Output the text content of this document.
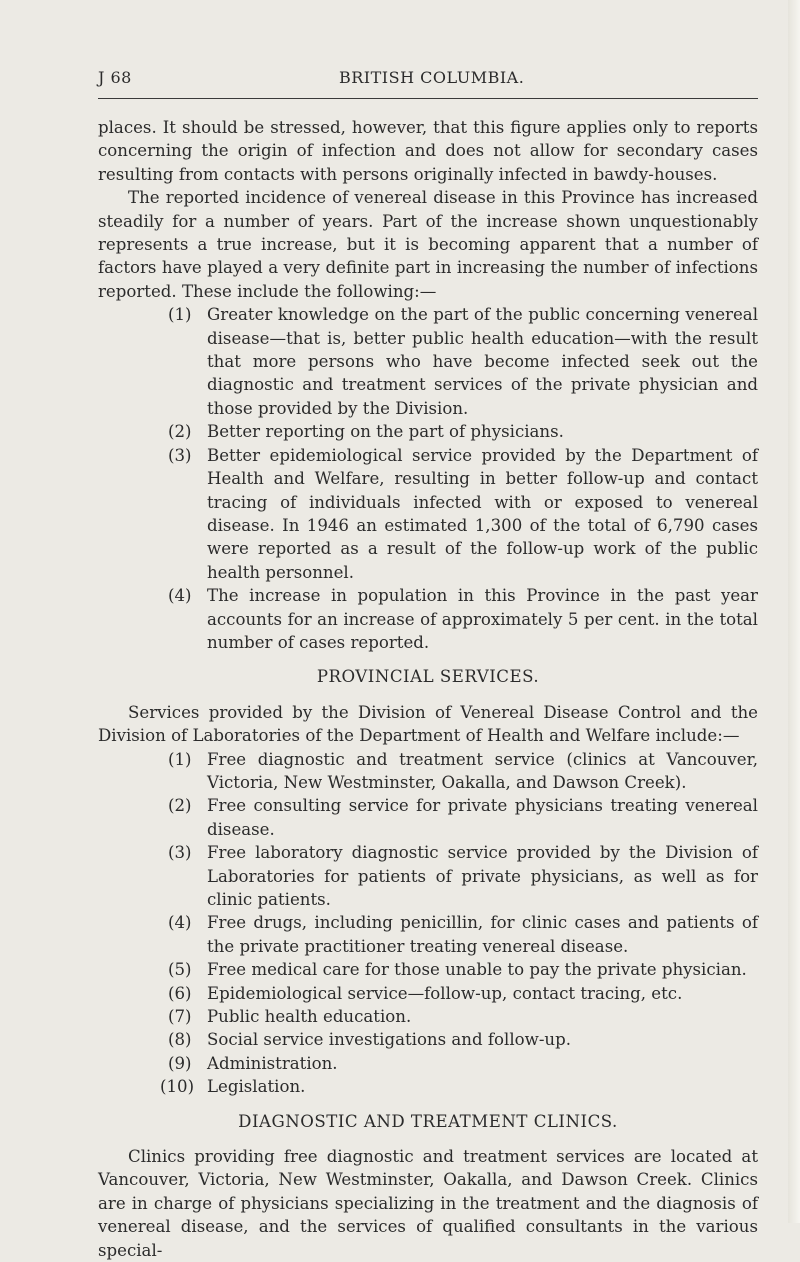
J 68	BRITISH COLUMBIA.

places. It should be stressed, however, that this figure applies only to reports concerning the origin of infection and does not allow for secondary cases resulting from contacts with persons originally infected in bawdy-houses.

The reported incidence of venereal disease in this Province has increased steadily for a number of years. Part of the increase shown unquestionably represents a true increase, but it is becoming apparent that a number of factors have played a very definite part in increasing the number of infections reported. These include the following:—

(1) Greater knowledge on the part of the public concerning venereal disease—that is, better public health education—with the result that more persons who have become infected seek out the diagnostic and treatment services of the private physician and those provided by the Division.
(2) Better reporting on the part of physicians.
(3) Better epidemiological service provided by the Department of Health and Welfare, resulting in better follow-up and contact tracing of individuals infected with or exposed to venereal disease. In 1946 an estimated 1,300 of the total of 6,790 cases were reported as a result of the follow-up work of the public health personnel.
(4) The increase in population in this Province in the past year accounts for an increase of approximately 5 per cent. in the total number of cases reported.

PROVINCIAL SERVICES.

Services provided by the Division of Venereal Disease Control and the Division of Laboratories of the Department of Health and Welfare include:—

(1) Free diagnostic and treatment service (clinics at Vancouver, Victoria, New Westminster, Oakalla, and Dawson Creek).
(2) Free consulting service for private physicians treating venereal disease.
(3) Free laboratory diagnostic service provided by the Division of Laboratories for patients of private physicians, as well as for clinic patients.
(4) Free drugs, including penicillin, for clinic cases and patients of the private practitioner treating venereal disease.
(5) Free medical care for those unable to pay the private physician.
(6) Epidemiological service—follow-up, contact tracing, etc.
(7) Public health education.
(8) Social service investigations and follow-up.
(9) Administration.
(10) Legislation.

DIAGNOSTIC AND TREATMENT CLINICS.

Clinics providing free diagnostic and treatment services are located at Vancouver, Victoria, New Westminster, Oakalla, and Dawson Creek. Clinics are in charge of physicians specializing in the treatment and the diagnosis of venereal disease, and the services of qualified consultants in the various special-
